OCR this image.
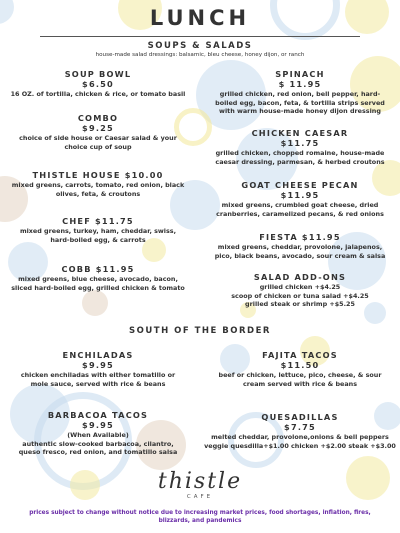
LUNCH
SOUPS & SALADS
house-made salad dressings: balsamic, bleu cheese, honey dijon, or ranch
SOUP BOWL
$6.50
16 OZ. of tortilla, chicken & rice, or tomato basil
COMBO
$9.25
choice of side house or Caesar salad & your
choice cup of soup
THISTLE HOUSE $10.00
mixed greens, carrots, tomato, red onion, black
olives, feta, & croutons
CHEF $11.75
mixed greens, turkey, ham, cheddar, swiss,
hard-boiled egg, & carrots
COBB $11.95
mixed greens, blue cheese, avocado, bacon,
sliced hard-boiled egg, grilled chicken & tomato
SPINACH
$ 11.95
grilled chicken, red onion, bell pepper, hard-
boiled egg, bacon, feta, & tortilla strips served
with warm house-made honey dijon dressing
CHICKEN CAESAR
$11.75
grilled chicken, chopped romaine, house-made
caesar dressing, parmesan, & herbed croutons
GOAT CHEESE PECAN
$11.95
mixed greens, crumbled goat cheese, dried
cranberries, caramelized pecans, & red onions
FIESTA $11.95
mixed greens, cheddar, provolone, jalapenos,
pico, black beans, avocado, sour cream & salsa
SALAD ADD-ONS
grilled chicken +$4.25
scoop of chicken or tuna salad +$4.25
grilled steak or shrimp +$5.25
SOUTH OF THE BORDER
ENCHILADAS
$9.95
chicken enchiladas with either tomatillo or
mole sauce, served with rice & beans
BARBACOA TACOS
$9.95
(When Available)
authentic slow-cooked barbacoa, cilantro,
queso fresco, red onion, and tomatillo salsa
FAJITA TACOS
$11.50
beef or chicken, lettuce, pico, cheese, & sour
cream served with rice & beans
QUESADILLAS
$7.75
melted cheddar, provolone,onions & bell peppers
veggie quesdilla+$1.00 chicken +$2.00 steak +$3.00
thistle
CAFE
prices subject to change without notice due to increasing market prices, food shortages, inflation, fires,
blizzards, and pandemics
